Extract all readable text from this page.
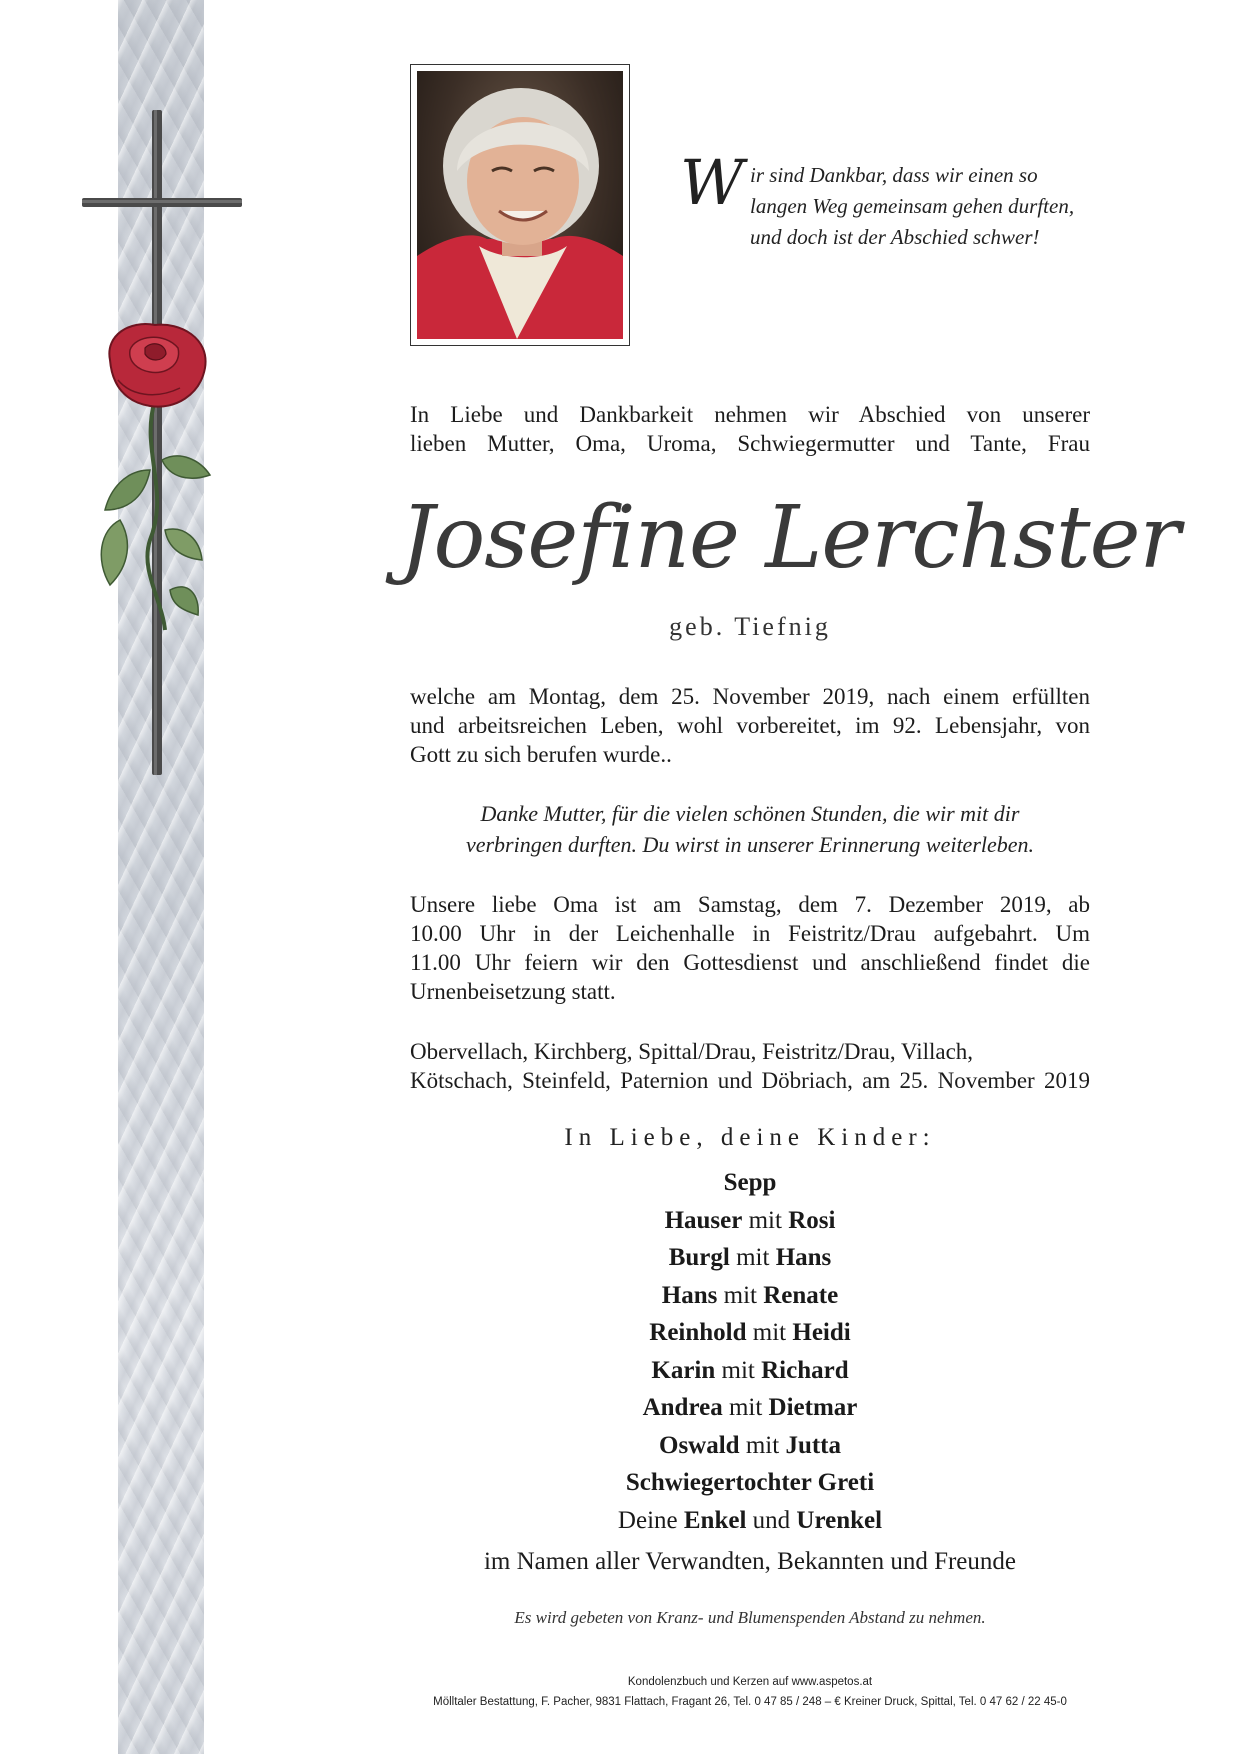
W ir sind Dankbar, dass wir einen so
langen Weg gemeinsam gehen durften,
und doch ist der Abschied schwer!
In Liebe und Dankbarkeit nehmen wir Abschied von unserer
lieben Mutter, Oma, Uroma, Schwiegermutter und Tante, Frau
Josefine Lerchster
geb. Tiefnig
welche am Montag, dem 25. November 2019, nach einem erfüllten
und arbeitsreichen Leben, wohl vorbereitet, im 92. Lebensjahr, von
Gott zu sich berufen wurde..
Danke Mutter, für die vielen schönen Stunden, die wir mit dir
verbringen durften. Du wirst in unserer Erinnerung weiterleben.
Unsere liebe Oma ist am Samstag, dem 7. Dezember 2019, ab
10.00 Uhr in der Leichenhalle in Feistritz/Drau aufgebahrt. Um
11.00 Uhr feiern wir den Gottesdienst und anschließend findet die
Urnenbeisetzung statt.
Obervellach, Kirchberg, Spittal/Drau, Feistritz/Drau, Villach,
Kötschach, Steinfeld, Paternion und Döbriach, am 25. November 2019
In Liebe, deine Kinder:
Sepp
Hauser mit Rosi
Burgl mit Hans
Hans mit Renate
Reinhold mit Heidi
Karin mit Richard
Andrea mit Dietmar
Oswald mit Jutta
Schwiegertochter Greti
Deine Enkel und Urenkel
im Namen aller Verwandten, Bekannten und Freunde
Es wird gebeten von Kranz- und Blumenspenden Abstand zu nehmen.
Kondolenzbuch und Kerzen auf www.aspetos.at
Mölltaler Bestattung, F. Pacher, 9831 Flattach, Fragant 26, Tel. 0 47 85 / 248 – € Kreiner Druck, Spittal, Tel. 0 47 62 / 22 45-0
